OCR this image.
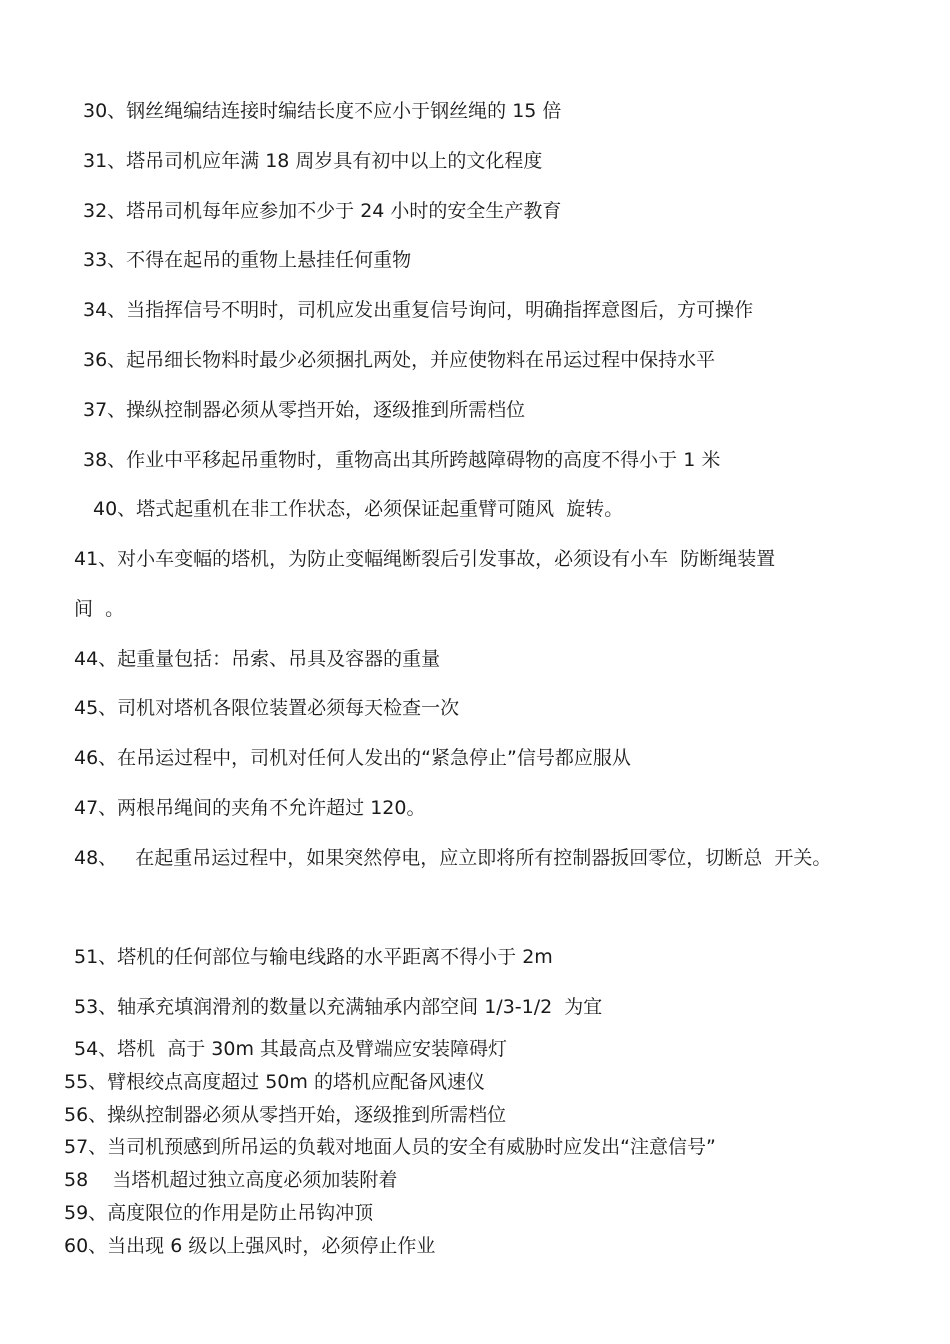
30、钢丝绳编结连接时编结长度不应小于钢丝绳的 15 倍
31、塔吊司机应年满 18 周岁具有初中以上的文化程度
32、塔吊司机每年应参加不少于 24 小时的安全生产教育
33、不得在起吊的重物上悬挂任何重物
34、当指挥信号不明时，司机应发出重复信号询问，明确指挥意图后，方可操作
36、起吊细长物料时最少必须捆扎两处，并应使物料在吊运过程中保持水平
37、操纵控制器必须从零挡开始，逐级推到所需档位
38、作业中平移起吊重物时，重物高出其所跨越障碍物的高度不得小于 1 米
40、塔式起重机在非工作状态，必须保证起重臂可随风  旋转。
41、对小车变幅的塔机，为防止变幅绳断裂后引发事故，必须设有小车  防断绳装置
间  。
44、起重量包括：吊索、吊具及容器的重量
45、司机对塔机各限位装置必须每天检查一次
46、在吊运过程中，司机对任何人发出的“紧急停止”信号都应服从
47、两根吊绳间的夹角不允许超过 120。
48、   在起重吊运过程中，如果突然停电，应立即将所有控制器扳回零位，切断总  开关。
51、塔机的任何部位与输电线路的水平距离不得小于 2m
53、轴承充填润滑剂的数量以充满轴承内部空间 1/3-1/2  为宜
54、塔机  高于 30m 其最高点及臂端应安装障碍灯
55、臂根绞点高度超过 50m 的塔机应配备风速仪
56、操纵控制器必须从零挡开始，逐级推到所需档位
57、当司机预感到所吊运的负载对地面人员的安全有威胁时应发出“注意信号”
58    当塔机超过独立高度必须加装附着
59、高度限位的作用是防止吊钩冲顶
60、当出现 6 级以上强风时，必须停止作业
